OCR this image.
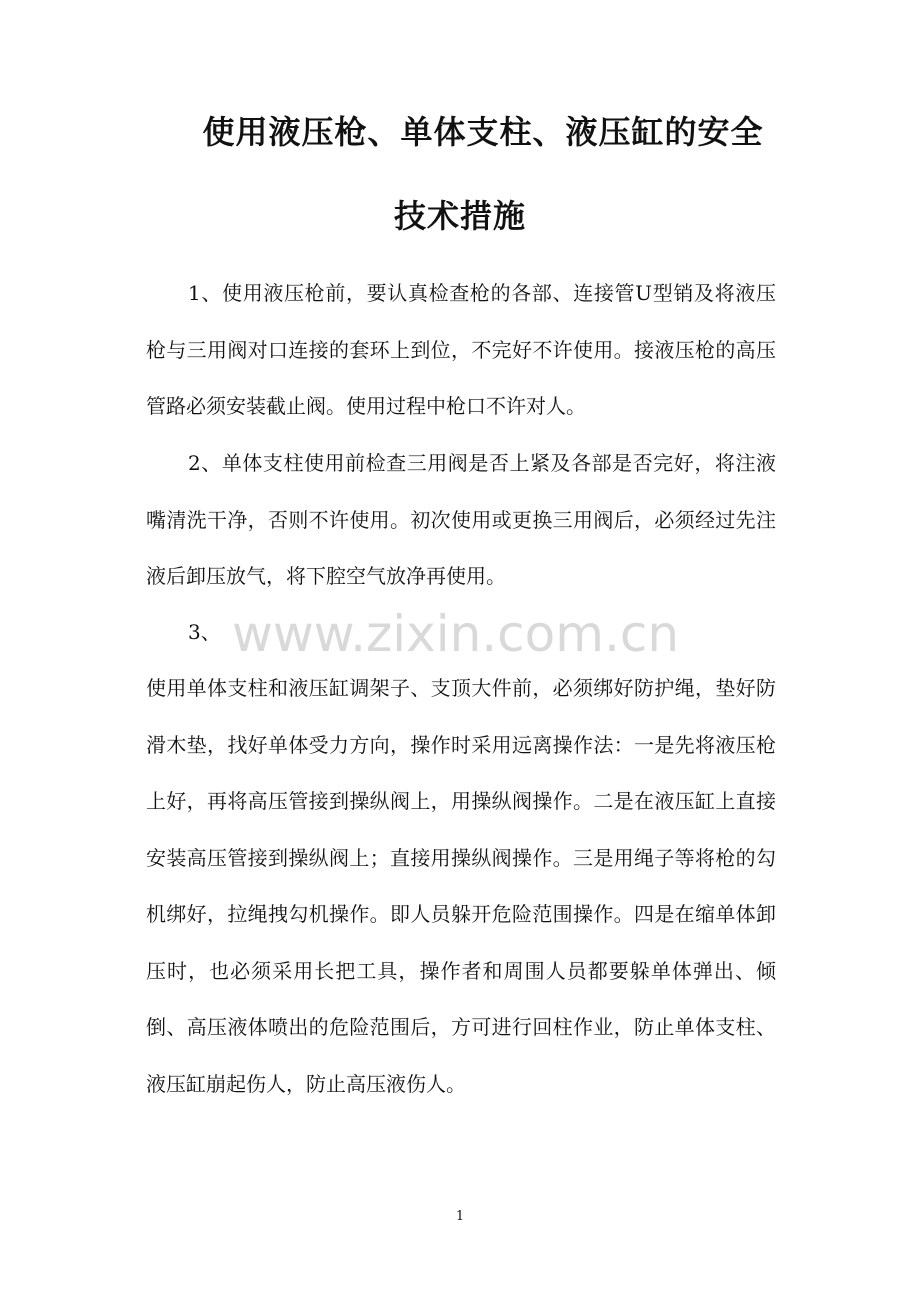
使用液压枪、单体支柱、液压缸的安全
技术措施

1、使用液压枪前，要认真检查枪的各部、连接管U型销及将液压枪与三用阀对口连接的套环上到位，不完好不许使用。接液压枪的高压管路必须安装截止阀。使用过程中枪口不许对人。

2、单体支柱使用前检查三用阀是否上紧及各部是否完好，将注液嘴清洗干净，否则不许使用。初次使用或更换三用阀后，必须经过先注液后卸压放气，将下腔空气放净再使用。

3、 www.zixin.com.cn

使用单体支柱和液压缸调架子、支顶大件前，必须绑好防护绳，垫好防滑木垫，找好单体受力方向，操作时采用远离操作法：一是先将液压枪上好，再将高压管接到操纵阀上，用操纵阀操作。二是在液压缸上直接安装高压管接到操纵阀上；直接用操纵阀操作。三是用绳子等将枪的勾机绑好，拉绳拽勾机操作。即人员躲开危险范围操作。四是在缩单体卸压时，也必须采用长把工具，操作者和周围人员都要躲单体弹出、倾倒、高压液体喷出的危险范围后，方可进行回柱作业，防止单体支柱、液压缸崩起伤人，防止高压液伤人。

1
